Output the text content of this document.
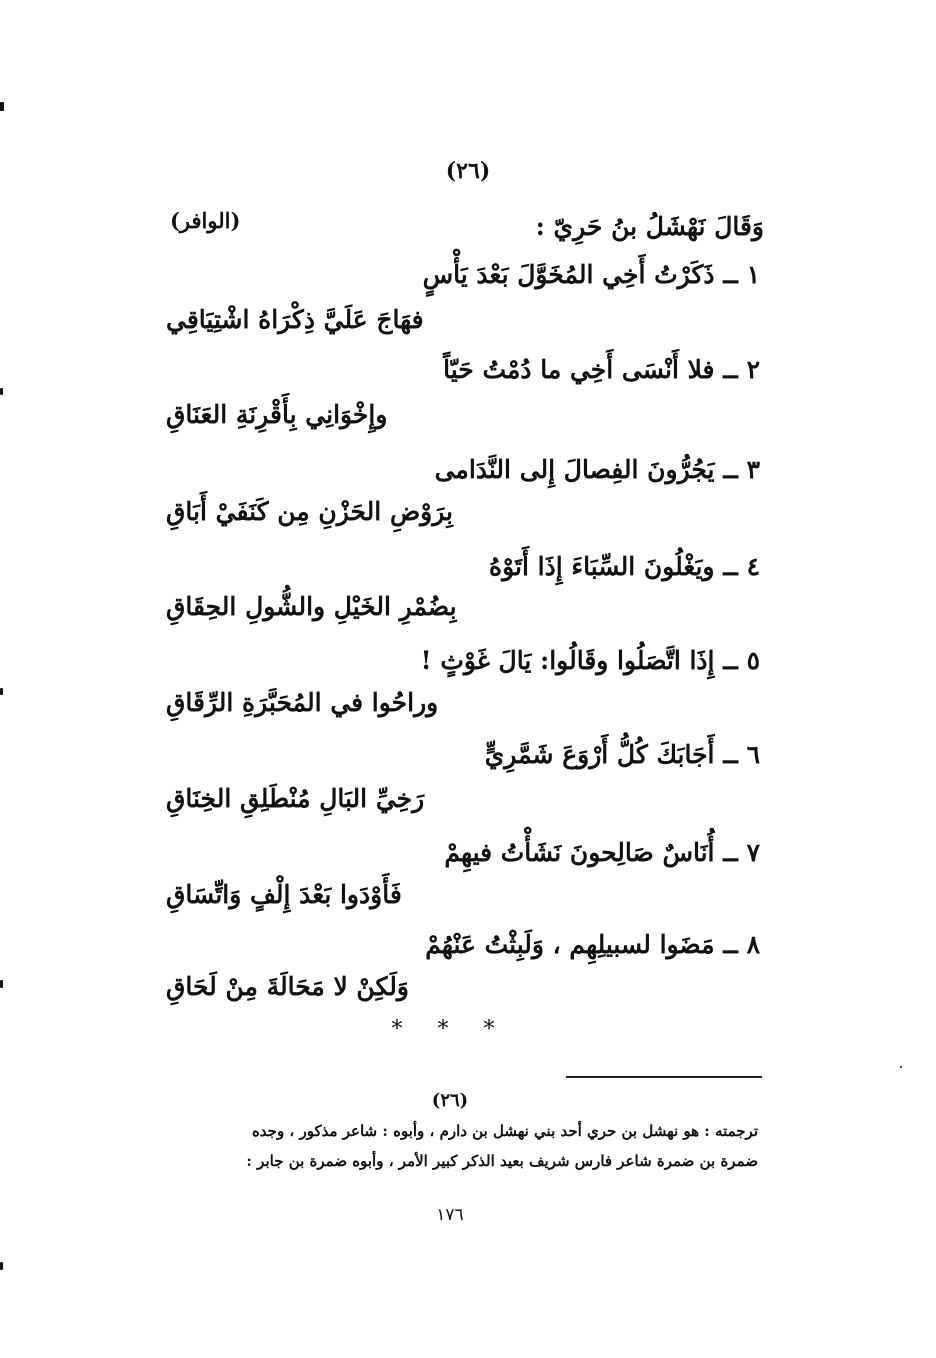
(٢٦)
وَقَالَ نَهْشَلُ بنُ حَرِيّ :
(الوافر)
١ ــ ذَكَرْتُ أَخِي المُخَوَّلَ بَعْدَ يَأْسٍ
فهَاجَ عَلَيَّ ذِكْرَاهُ اشْتِيَاقِي
٢ ــ فلا أَنْسَى أَخِي ما دُمْتُ حَيّاً
وإِخْوَانِي بِأَقْرِنَةِ العَنَاقِ
٣ ــ يَجُرُّونَ الفِصالَ إِلى النَّدَامى
بِرَوْضِ الحَزْنِ مِن كَنَفَيْ أَبَاقِ
٤ ــ ويَغْلُونَ السِّبَاءَ إِذَا أَتَوْهُ
بِضُمْرِ الخَيْلِ والشُّولِ الحِقَاقِ
٥ ــ إِذَا اتَّصَلُوا وقَالُوا: يَالَ غَوْثٍ !
وراحُوا في المُحَبَّرَةِ الرِّقَاقِ
٦ ــ أَجَابَكَ كُلُّ أَرْوَعَ شَمَّرِيٍّ
رَخِيِّ البَالِ مُنْطَلِقِ الخِنَاقِ
٧ ــ أُنَاسٌ صَالِحونَ نَشَأْتُ فيهِمْ
فَأَوْدَوا بَعْدَ إِلْفٍ وَاتِّسَاقِ
٨ ــ مَضَوا لسبيلِهِم ، وَلَبِثْتُ عَنْهُمْ
وَلَكِنْ لا مَحَالَةَ مِنْ لَحَاقِ
* * *
(٢٦)
ترجمته : هو نهشل بن حري أحد بني نهشل بن دارم ، وأبوه : شاعر مذكور ، وجده
ضمرة بن ضمرة شاعر فارس شريف بعيد الذكر كبير الأمر ، وأبوه ضمرة بن جابر :
١٧٦
